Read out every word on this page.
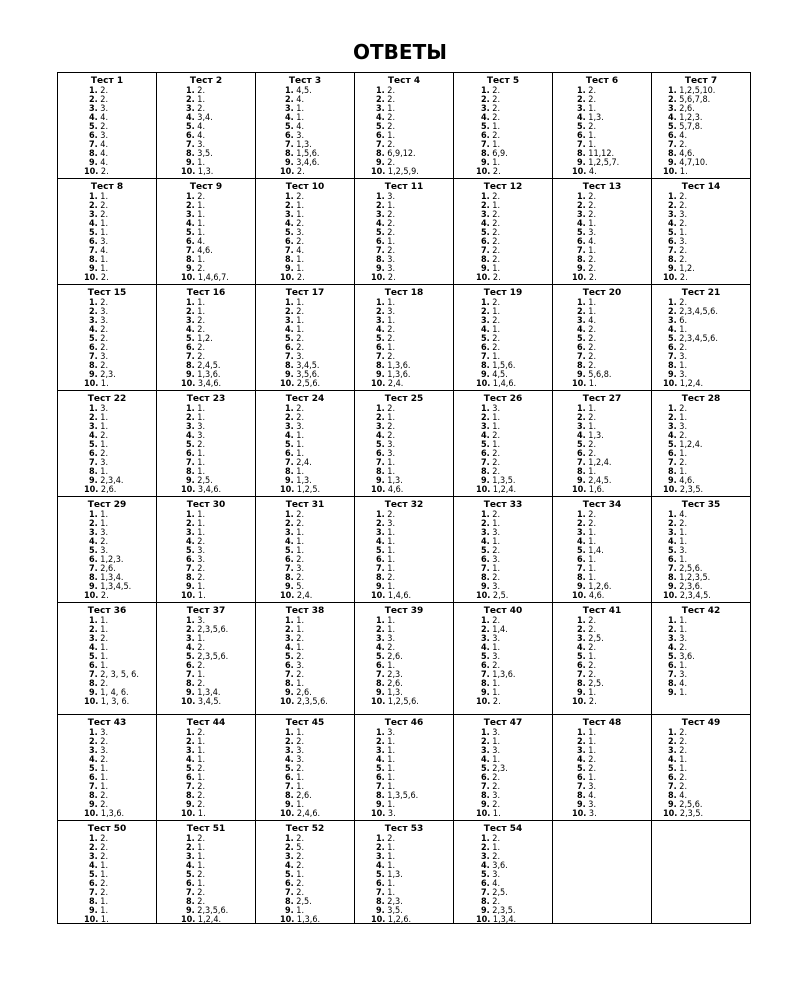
ОТВЕТЫ
Тест 1
1. 2.
2. 2.
3. 3.
4. 4.
5. 2.
6. 3.
7. 4.
8. 4.
9. 4.
10. 2.
Тест 2
1. 2.
2. 1.
3. 2.
4. 3,4.
5. 4.
6. 4.
7. 3.
8. 3,5.
9. 1.
10. 1,3.
Тест 3
1. 4,5.
2. 4.
3. 1.
4. 1.
5. 4.
6. 3.
7. 1,3.
8. 1,5,6.
9. 3,4,6.
10. 2.
Тест 4
1. 2.
2. 2.
3. 1.
4. 2.
5. 2.
6. 1.
7. 2.
8. 6,9,12.
9. 2.
10. 1,2,5,9.
Тест 5
1. 2.
2. 2.
3. 2.
4. 2.
5. 1.
6. 2.
7. 1.
8. 6,9.
9. 1.
10. 2.
Тест 6
1. 2.
2. 2.
3. 1.
4. 1,3.
5. 2.
6. 1.
7. 1.
8. 11,12.
9. 1,2,5,7.
10. 4.
Тест 7
1. 1,2,5,10.
2. 5,6,7,8.
3. 2,6.
4. 1,2,3.
5. 5,7,8.
6. 4.
7. 2.
8. 4,6.
9. 4,7,10.
10. 1.
Тест 8
1. 1.
2. 2.
3. 2.
4. 1.
5. 1.
6. 3.
7. 4.
8. 1.
9. 1.
10. 2.
Тест 9
1. 2.
2. 1.
3. 1.
4. 1.
5. 1.
6. 4.
7. 4,6.
8. 1.
9. 2.
10. 1,4,6,7.
Тест 10
1. 2.
2. 1.
3. 1.
4. 2.
5. 3.
6. 2.
7. 4.
8. 1.
9. 1.
10. 2.
Тест 11
1. 3.
2. 1.
3. 2.
4. 2.
5. 2.
6. 1.
7. 2.
8. 3.
9. 3.
10. 2.
Тест 12
1. 2.
2. 1.
3. 2.
4. 2.
5. 2.
6. 2.
7. 2.
8. 2.
9. 1.
10. 2.
Тест 13
1. 2.
2. 2.
3. 2.
4. 1.
5. 3.
6. 4.
7. 1.
8. 2.
9. 2.
10. 2.
Тест 14
1. 2.
2. 2.
3. 3.
4. 2.
5. 1.
6. 3.
7. 2.
8. 2.
9. 1,2.
10. 2.
Тест 15
1. 2.
2. 3.
3. 3.
4. 2.
5. 2.
6. 2.
7. 3.
8. 2.
9. 2,3.
10. 1.
Тест 16
1. 1.
2. 1.
3. 2.
4. 2.
5. 1,2.
6. 2.
7. 2.
8. 2,4,5.
9. 1,3,6.
10. 3,4,6.
Тест 17
1. 1.
2. 2.
3. 1.
4. 1.
5. 2.
6. 2.
7. 3.
8. 3,4,5.
9. 3,5,6.
10. 2,5,6.
Тест 18
1. 1.
2. 3.
3. 1.
4. 2.
5. 2.
6. 1.
7. 2.
8. 1,3,6.
9. 1,3,6.
10. 2,4.
Тест 19
1. 2.
2. 1.
3. 2.
4. 1.
5. 2.
6. 2.
7. 1.
8. 1,5,6.
9. 4,5.
10. 1,4,6.
Тест 20
1. 1.
2. 1.
3. 4.
4. 2.
5. 2.
6. 2.
7. 2.
8. 2.
9. 5,6,8.
10. 1.
Тест 21
1. 2.
2. 2,3,4,5,6.
3. 6.
4. 1.
5. 2,3,4,5,6.
6. 2.
7. 3.
8. 1.
9. 3.
10. 1,2,4.
Тест 22
1. 3.
2. 1.
3. 1.
4. 2.
5. 1.
6. 2.
7. 3.
8. 1.
9. 2,3,4.
10. 2,6.
Тест 23
1. 1.
2. 1.
3. 3.
4. 3.
5. 2.
6. 1.
7. 1.
8. 1.
9. 2,5.
10. 3,4,6.
Тест 24
1. 2.
2. 2.
3. 3.
4. 1.
5. 1.
6. 1.
7. 2,4.
8. 1.
9. 1,3.
10. 1,2,5.
Тест 25
1. 2.
2. 1.
3. 2.
4. 2.
5. 3.
6. 3.
7. 1.
8. 1.
9. 1,3.
10. 4,6.
Тест 26
1. 3.
2. 1.
3. 1.
4. 2.
5. 1.
6. 2.
7. 2.
8. 2.
9. 1,3,5.
10. 1,2,4.
Тест 27
1. 1.
2. 2.
3. 1.
4. 1,3.
5. 2.
6. 2.
7. 1,2,4.
8. 1.
9. 2,4,5.
10. 1,6.
Тест 28
1. 2.
2. 1.
3. 3.
4. 2.
5. 1,2,4.
6. 1.
7. 2.
8. 1.
9. 4,6.
10. 2,3,5.
Тест 29
1. 1.
2. 1.
3. 3.
4. 2.
5. 3.
6. 1,2,3.
7. 2,6.
8. 1,3,4.
9. 1,3,4,5.
10. 2.
Тест 30
1. 1.
2. 1.
3. 1.
4. 2.
5. 3.
6. 3.
7. 2.
8. 2.
9. 1.
10. 1.
Тест 31
1. 2.
2. 2.
3. 1.
4. 1.
5. 1.
6. 2.
7. 3.
8. 2.
9. 5.
10. 2,4.
Тест 32
1. 2.
2. 3.
3. 1.
4. 1.
5. 1.
6. 1.
7. 1.
8. 2.
9. 1.
10. 1,4,6.
Тест 33
1. 2.
2. 1.
3. 3.
4. 1.
5. 2.
6. 3.
7. 1.
8. 2.
9. 3.
10. 2,5.
Тест 34
1. 2.
2. 2.
3. 1.
4. 1.
5. 1,4.
6. 1.
7. 1.
8. 1.
9. 1,2,6.
10. 4,6.
Тест 35
1. 4.
2. 2.
3. 1.
4. 1.
5. 3.
6. 1.
7. 2,5,6.
8. 1,2,3,5.
9. 2,3,6.
10. 2,3,4,5.
Тест 36
1. 1.
2. 1.
3. 2.
4. 1.
5. 1.
6. 1.
7. 2, 3, 5, 6.
8. 2.
9. 1, 4, 6.
10. 1, 3, 6.
Тест 37
1. 3.
2. 2,3,5,6.
3. 1.
4. 2.
5. 2,3,5,6.
6. 2.
7. 1.
8. 2.
9. 1,3,4.
10. 3,4,5.
Тест 38
1. 1.
2. 1.
3. 2.
4. 1.
5. 2.
6. 3.
7. 2.
8. 1.
9. 2,6.
10. 2,3,5,6.
Тест 39
1. 1.
2. 1.
3. 3.
4. 2.
5. 2,6.
6. 1.
7. 2,3.
8. 2,6.
9. 1,3.
10. 1,2,5,6.
Тест 40
1. 2.
2. 1,4.
3. 3.
4. 1.
5. 3.
6. 2.
7. 1,3,6.
8. 1.
9. 1.
10. 2.
Тест 41
1. 2.
2. 2.
3. 2,5.
4. 2.
5. 1.
6. 2.
7. 2.
8. 2,5.
9. 1.
10. 2.
Тест 42
1. 1.
2. 1.
3. 3.
4. 2.
5. 3,6.
6. 1.
7. 3.
8. 4.
9. 1.
Тест 43
1. 3.
2. 2.
3. 3.
4. 2.
5. 1.
6. 1.
7. 1.
8. 2.
9. 2.
10. 1,3,6.
Тест 44
1. 2.
2. 1.
3. 1.
4. 1.
5. 2.
6. 1.
7. 2.
8. 2.
9. 2.
10. 1.
Тест 45
1. 1.
2. 2.
3. 3.
4. 3.
5. 2.
6. 1.
7. 1.
8. 2,6.
9. 1.
10. 2,4,6.
Тест 46
1. 3.
2. 1.
3. 1.
4. 1.
5. 1.
6. 1.
7. 1.
8. 1,3,5,6.
9. 1.
10. 3.
Тест 47
1. 3.
2. 1.
3. 3.
4. 1.
5. 2,3.
6. 2.
7. 2.
8. 3.
9. 2.
10. 1.
Тест 48
1. 1.
2. 1.
3. 1.
4. 2.
5. 2.
6. 1.
7. 3.
8. 4.
9. 3.
10. 3.
Тест 49
1. 2.
2. 2.
3. 2.
4. 1.
5. 1.
6. 2.
7. 2.
8. 4.
9. 2,5,6.
10. 2,3,5.
Тест 50
1. 2.
2. 2.
3. 2.
4. 1.
5. 1.
6. 2.
7. 2.
8. 1.
9. 1.
10. 1.
Тест 51
1. 2.
2. 1.
3. 1.
4. 1.
5. 2.
6. 1.
7. 2.
8. 2.
9. 2,3,5,6.
10. 1,2,4.
Тест 52
1. 2.
2. 5.
3. 2.
4. 2.
5. 1.
6. 2.
7. 2.
8. 2,5.
9. 1.
10. 1,3,6.
Тест 53
1. 2.
2. 1.
3. 1.
4. 1.
5. 1,3.
6. 1.
7. 1.
8. 2,3.
9. 3,5.
10. 1,2,6.
Тест 54
1. 2.
2. 1.
3. 2.
4. 3,6.
5. 3.
6. 4.
7. 2,5.
8. 2.
9. 2,3,5.
10. 1,3,4.
